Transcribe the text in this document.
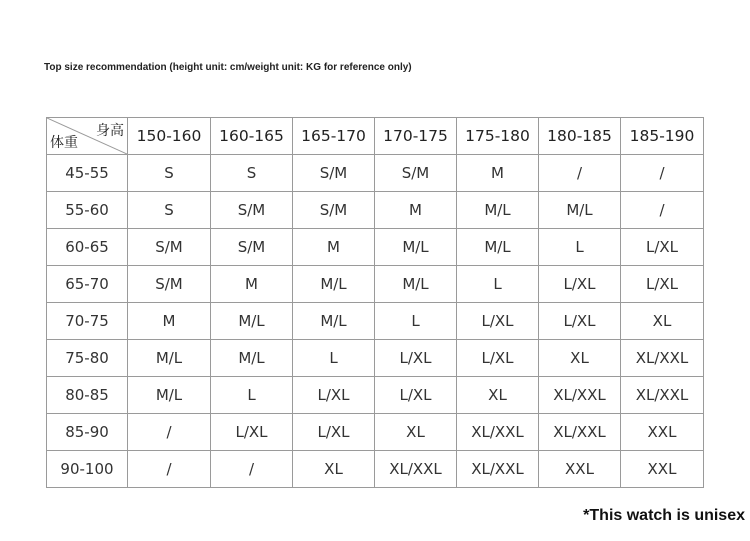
Top size recommendation (height unit: cm/weight unit: KG for reference only)
身高
体重	150-160	160-165	165-170	170-175	175-180	180-185	185-190
45-55	S	S	S/M	S/M	M	/	/
55-60	S	S/M	S/M	M	M/L	M/L	/
60-65	S/M	S/M	M	M/L	M/L	L	L/XL
65-70	S/M	M	M/L	M/L	L	L/XL	L/XL
70-75	M	M/L	M/L	L	L/XL	L/XL	XL
75-80	M/L	M/L	L	L/XL	L/XL	XL	XL/XXL
80-85	M/L	L	L/XL	L/XL	XL	XL/XXL	XL/XXL
85-90	/	L/XL	L/XL	XL	XL/XXL	XL/XXL	XXL
90-100	/	/	XL	XL/XXL	XL/XXL	XXL	XXL
*This watch is unisex
